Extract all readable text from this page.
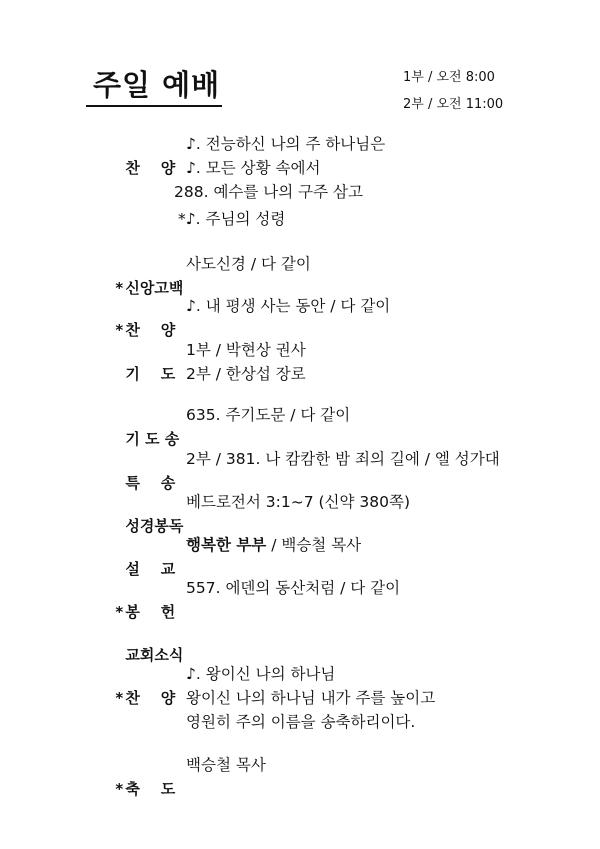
주일 예배	1부 / 오전 8:00
2부 / 오전 11:00

찬    양

♪. 전능하신 나의 주 하나님은
♪. 모든 상황 속에서
288. 예수를 나의 구주 삼고
*♪. 주님의 성령

* 신앙고백

사도신경 / 다 같이

* 찬    양

♪. 내 평생 사는 동안 / 다 같이

기    도

1부 / 박현상 권사
2부 / 한상섭 장로

기 도 송

635. 주기도문 / 다 같이

특    송

2부 / 381. 나 캄캄한 밤 죄의 길에 / 엘 성가대

성경봉독

베드로전서 3:1~7 (신약 380쪽)

설    교

행복한 부부 / 백승철 목사

* 봉    헌

557. 에덴의 동산처럼 / 다 같이

교회소식

* 찬    양

♪. 왕이신 나의 하나님
왕이신 나의 하나님 내가 주를 높이고
영원히 주의 이름을 송축하리이다.

* 축    도

백승철 목사
